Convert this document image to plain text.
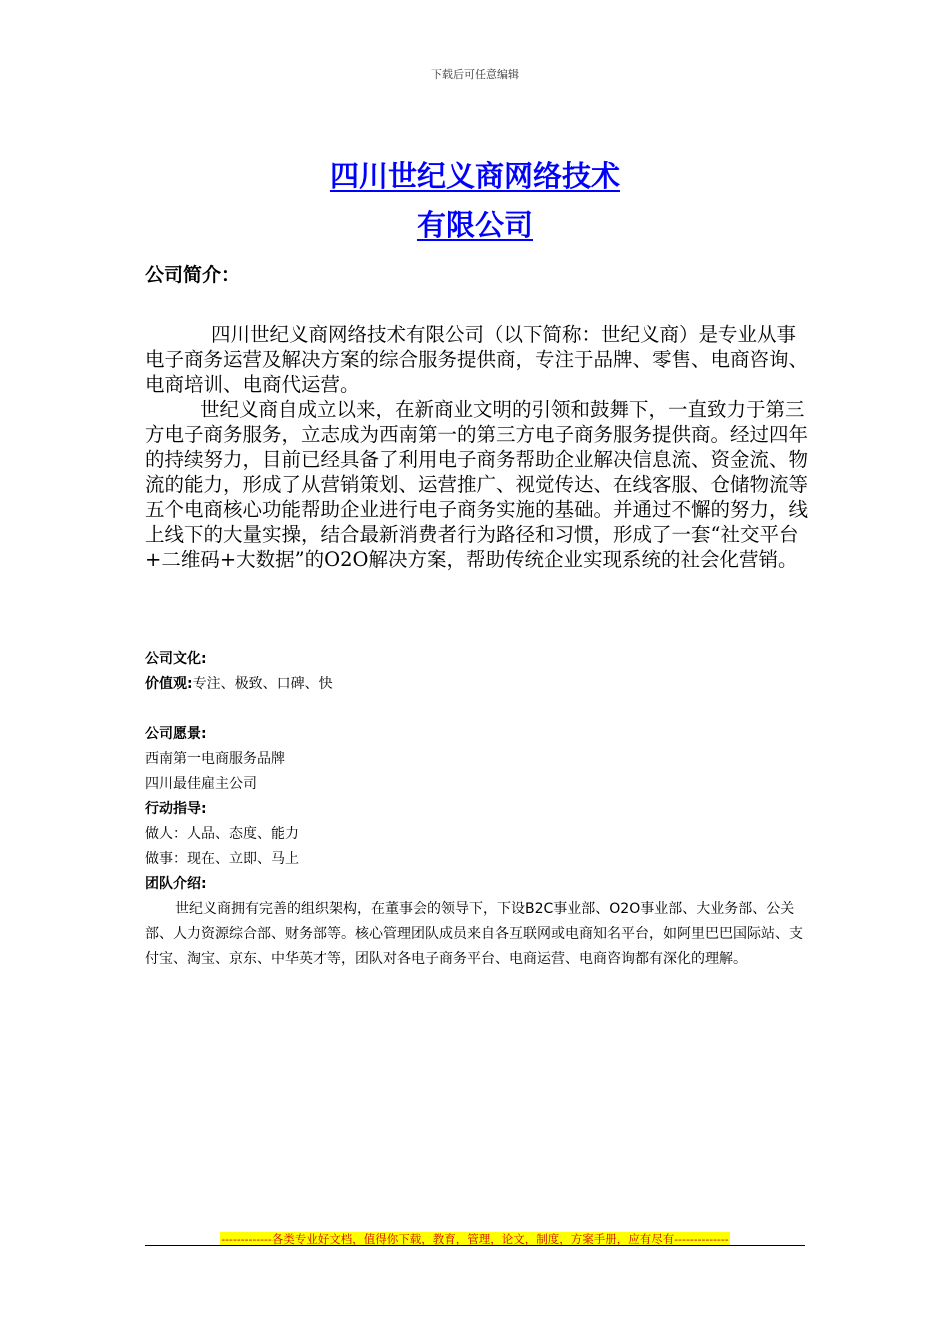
下载后可任意编辑
四川世纪义商网络技术
有限公司
公司简介：

四川世纪义商网络技术有限公司（以下简称：世纪义商）是专业从事电子商务运营及解决方案的综合服务提供商，专注于品牌、零售、电商咨询、电商培训、电商代运营。

世纪义商自成立以来，在新商业文明的引领和鼓舞下，一直致力于第三方电子商务服务，立志成为西南第一的第三方电子商务服务提供商。经过四年的持续努力，目前已经具备了利用电子商务帮助企业解决信息流、资金流、物流的能力，形成了从营销策划、运营推广、视觉传达、在线客服、仓储物流等五个电商核心功能帮助企业进行电子商务实施的基础。并通过不懈的努力，线上线下的大量实操，结合最新消费者行为路径和习惯，形成了一套“社交平台+二维码+大数据”的O2O解决方案，帮助传统企业实现系统的社会化营销。

公司文化:

价值观:专注、极致、口碑、快

公司愿景:

西南第一电商服务品牌

四川最佳雇主公司

行动指导:

做人：人品、态度、能力

做事：现在、立即、马上

团队介绍:

世纪义商拥有完善的组织架构，在董事会的领导下，下设B2C事业部、O2O事业部、大业务部、公关部、人力资源综合部、财务部等。核心管理团队成员来自各互联网或电商知名平台，如阿里巴巴国际站、支付宝、淘宝、京东、中华英才等，团队对各电子商务平台、电商运营、电商咨询都有深化的理解。

-------------各类专业好文档，值得你下载，教育，管理，论文，制度，方案手册，应有尽有--------------
